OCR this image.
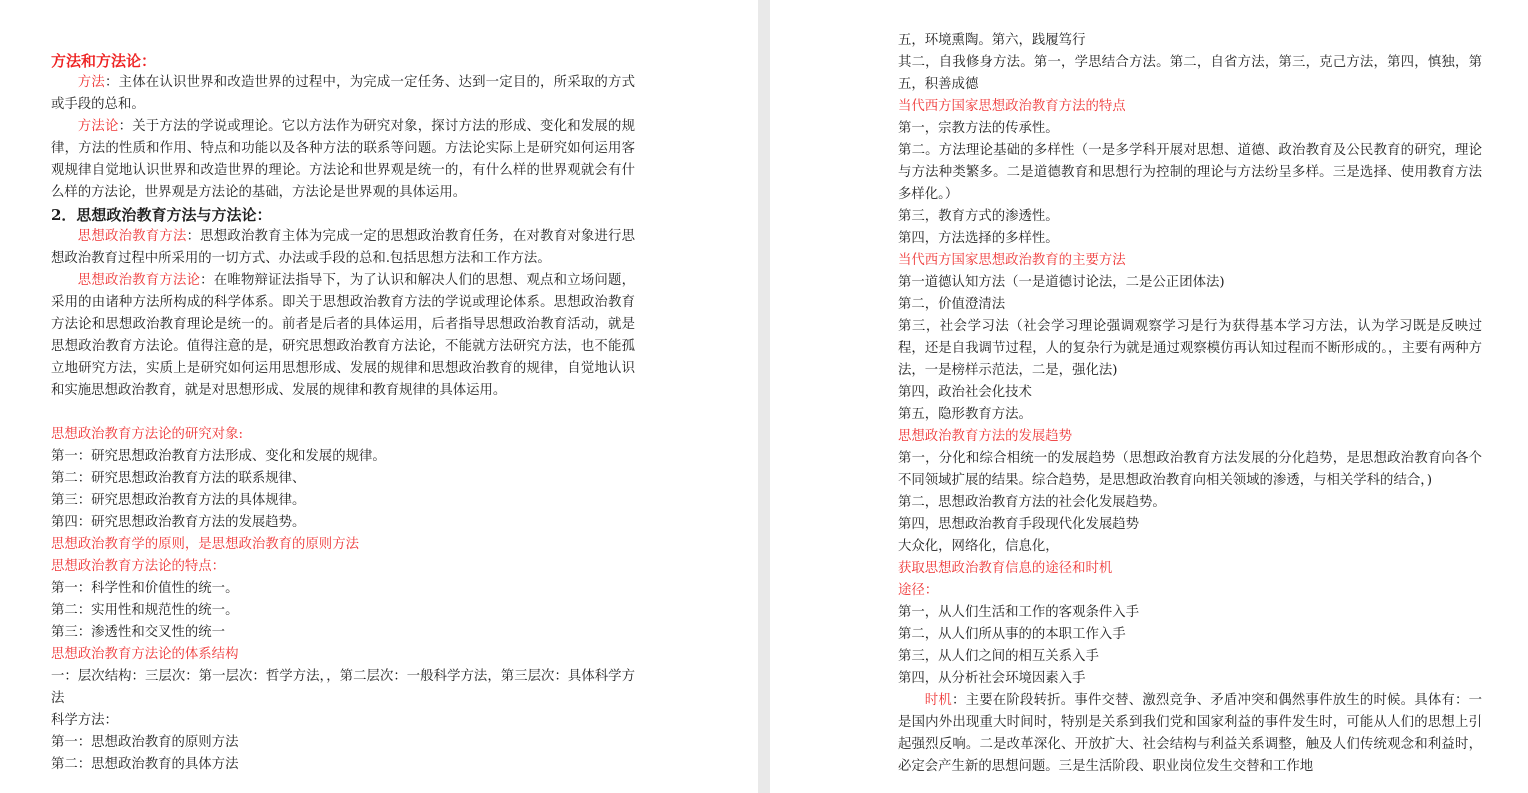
方法和方法论：

方法：主体在认识世界和改造世界的过程中，为完成一定任务、达到一定目的，所采取的方式或手段的总和。

方法论：关于方法的学说或理论。它以方法作为研究对象，探讨方法的形成、变化和发展的规律，方法的性质和作用、特点和功能以及各种方法的联系等问题。方法论实际上是研究如何运用客观规律自觉地认识世界和改造世界的理论。方法论和世界观是统一的，有什么样的世界观就会有什么样的方法论，世界观是方法论的基础，方法论是世界观的具体运用。

2．思想政治教育方法与方法论：

思想政治教育方法：思想政治教育主体为完成一定的思想政治教育任务，在对教育对象进行思想政治教育过程中所采用的一切方式、办法或手段的总和.包括思想方法和工作方法。

思想政治教育方法论：在唯物辩证法指导下，为了认识和解决人们的思想、观点和立场问题，采用的由诸种方法所构成的科学体系。即关于思想政治教育方法的学说或理论体系。思想政治教育方法论和思想政治教育理论是统一的。前者是后者的具体运用，后者指导思想政治教育活动，就是思想政治教育方法论。值得注意的是，研究思想政治教育方法论，不能就方法研究方法，也不能孤立地研究方法，实质上是研究如何运用思想形成、发展的规律和思想政治教育的规律，自觉地认识和实施思想政治教育，就是对思想形成、发展的规律和教育规律的具体运用。

思想政治教育方法论的研究对象:

第一：研究思想政治教育方法形成、变化和发展的规律。

第二：研究思想政治教育方法的联系规律、

第三：研究思想政治教育方法的具体规律。

第四：研究思想政治教育方法的发展趋势。

思想政治教育学的原则，是思想政治教育的原则方法

思想政治教育方法论的特点：

第一：科学性和价值性的统一。

第二：实用性和规范性的统一。

第三：渗透性和交叉性的统一

思想政治教育方法论的体系结构

一：层次结构：三层次：第一层次：哲学方法，，第二层次：一般科学方法，第三层次：具体科学方法

科学方法：

第一：思想政治教育的原则方法

第二：思想政治教育的具体方法

五，环境熏陶。第六，践履笃行

其二，自我修身方法。第一，学思结合方法。第二，自省方法，第三，克己方法，第四，慎独，第五，积善成德

当代西方国家思想政治教育方法的特点

第一，宗教方法的传承性。

第二。方法理论基础的多样性（一是多学科开展对思想、道德、政治教育及公民教育的研究，理论与方法种类繁多。二是道德教育和思想行为控制的理论与方法纷呈多样。三是选择、使用教育方法多样化。）

第三，教育方式的渗透性。

第四，方法选择的多样性。

当代西方国家思想政治教育的主要方法

第一道德认知方法（一是道德讨论法，二是公正团体法)

第二，价值澄清法

第三，社会学习法（社会学习理论强调观察学习是行为获得基本学习方法，认为学习既是反映过程，还是自我调节过程，人的复杂行为就是通过观察模仿再认知过程而不断形成的。，主要有两种方法，一是榜样示范法，二是，强化法)

第四，政治社会化技术

第五，隐形教育方法。

思想政治教育方法的发展趋势

第一，分化和综合相统一的发展趋势（思想政治教育方法发展的分化趋势，是思想政治教育向各个不同领域扩展的结果。综合趋势，是思想政治教育向相关领域的渗透，与相关学科的结合，)

第二，思想政治教育方法的社会化发展趋势。

第四，思想政治教育手段现代化发展趋势

大众化，网络化，信息化，

获取思想政治教育信息的途径和时机

途径：

第一，从人们生活和工作的客观条件入手

第二，从人们所从事的的本职工作入手

第三，从人们之间的相互关系入手

第四，从分析社会环境因素入手

时机：主要在阶段转折。事件交替、激烈竞争、矛盾冲突和偶然事件放生的时候。具体有：一是国内外出现重大时间时，特别是关系到我们党和国家利益的事件发生时，可能从人们的思想上引起强烈反响。二是改革深化、开放扩大、社会结构与利益关系调整，触及人们传统观念和利益时，必定会产生新的思想问题。三是生活阶段、职业岗位发生交替和工作地
